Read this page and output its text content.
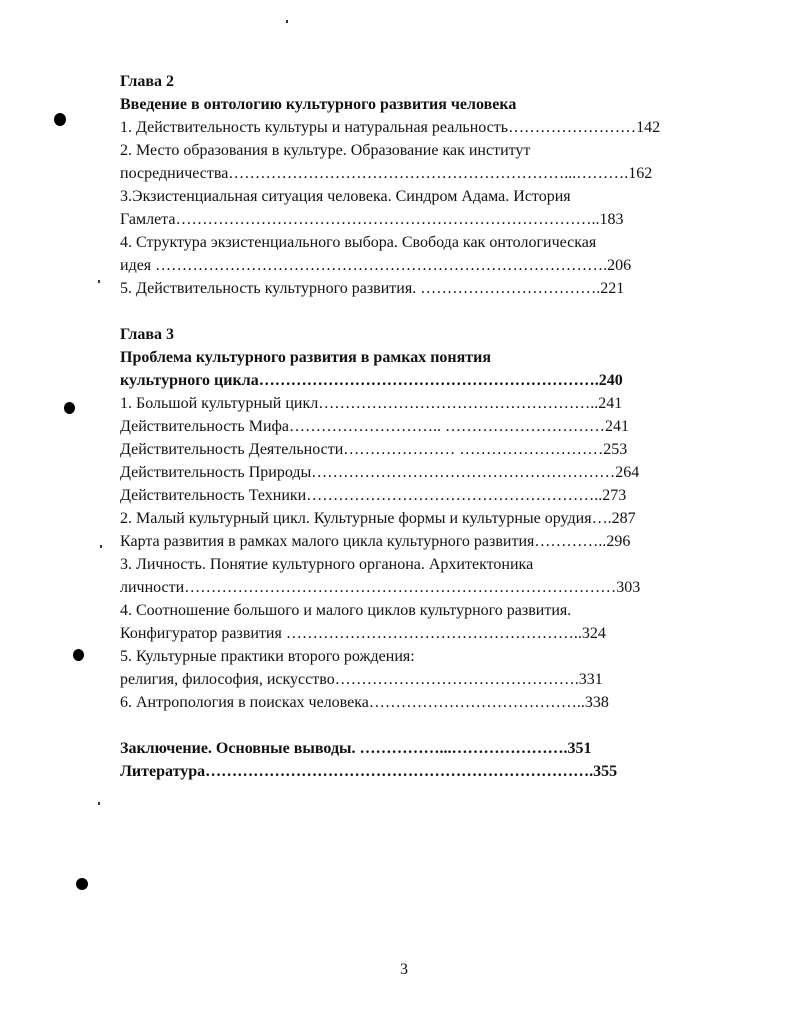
Глава 2
Введение в онтологию культурного развития человека
1. Действительность культуры и натуральная реальность……………………142
2. Место образования в культуре. Образование как институт
посредничества………………………………………………………...……….162
3.Экзистенциальная ситуация человека. Синдром Адама. История
Гамлета……………………………………………………………………..183
4. Структура экзистенциального выбора. Свобода как онтологическая
идея ………………………………………………………………………….206
5. Действительность культурного развития. …………………………….221
Глава 3
Проблема культурного развития в рамках понятия
культурного цикла……………………………………………………….240
1. Большой культурный цикл……………………………………………..241
Действительность Мифа……………………….. …………………………241
Действительность Деятельности………………… ………………………253
Действительность Природы…………………………………………………264
Действительность Техники………………………………………………..273
2. Малый культурный цикл. Культурные формы и культурные орудия….287
Карта развития в рамках малого цикла культурного развития…………..296
3. Личность. Понятие культурного органона. Архитектоника
личности………………………………………………………………………303
4. Соотношение большого и малого циклов культурного развития.
Конфигуратор развития ………………………………………………..324
5. Культурные практики второго рождения:
религия, философия, искусство……………………………………….331
6. Антропология в поисках человека…………………………………..338
Заключение. Основные выводы. ……………...………………….351
Литература……………………………………………………………….355
3
